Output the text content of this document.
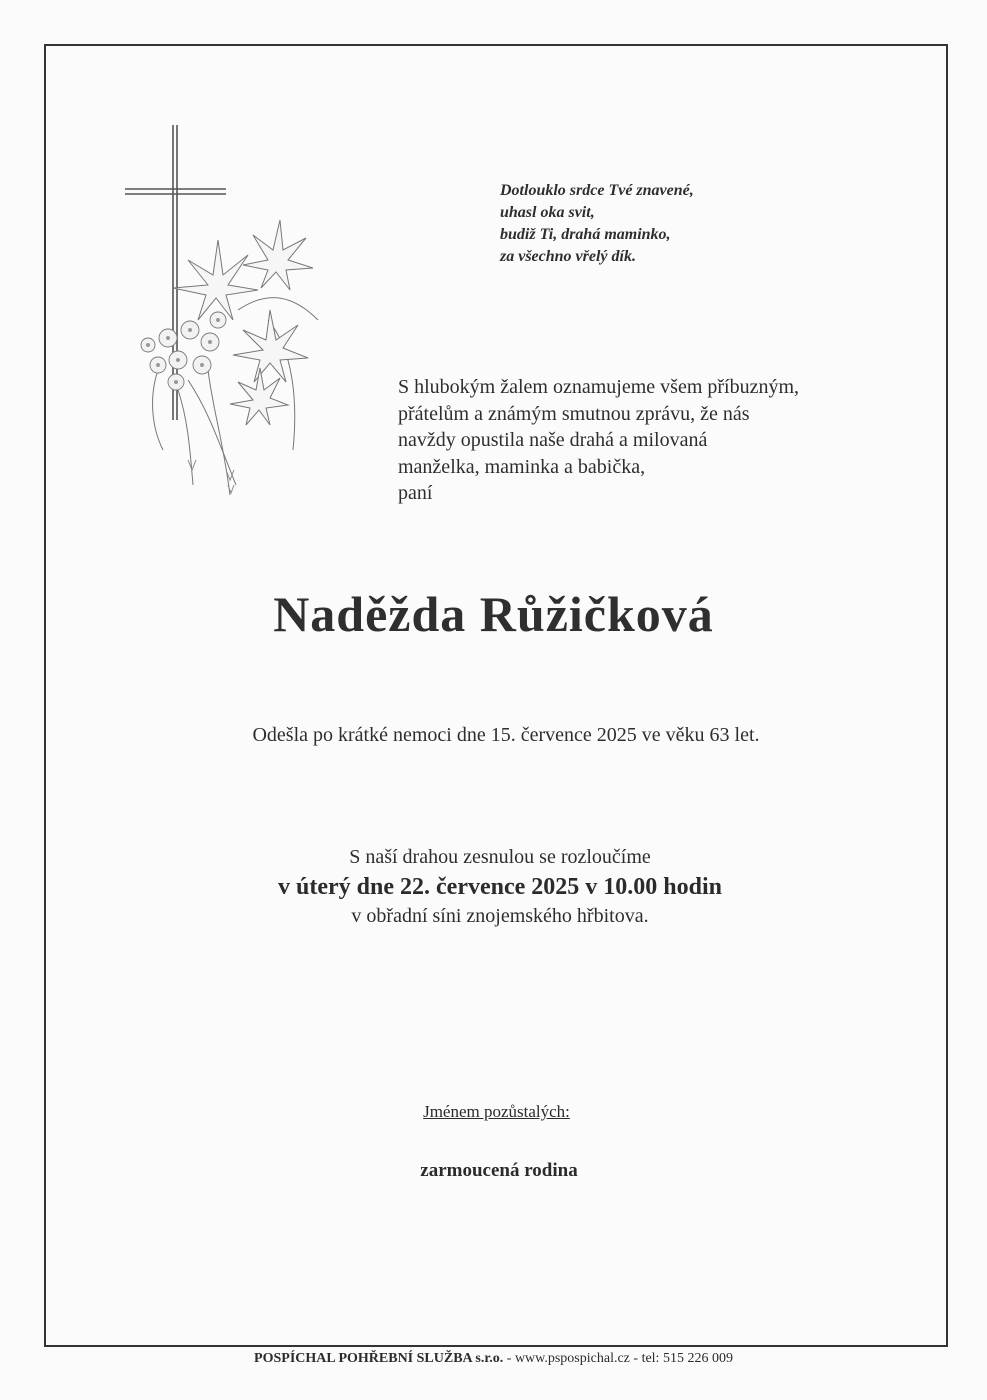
Dotlouklo srdce Tvé znavené,
uhasl oka svit,
budiž Ti, drahá maminko,
za všechno vřelý dík.
S hlubokým žalem oznamujeme všem příbuzným,
přátelům a známým smutnou zprávu, že nás
navždy opustila naše drahá a milovaná
manželka, maminka a babička,
paní
Naděžda Růžičková
Odešla po krátké nemoci dne 15. července 2025 ve věku 63 let.
S naší drahou zesnulou se rozloučíme
v úterý dne 22. července 2025 v 10.00 hodin
v obřadní síni znojemského hřbitova.
Jménem pozůstalých:
zarmoucená rodina
POSPÍCHAL POHŘEBNÍ SLUŽBA s.r.o. - www.pspospichal.cz - tel: 515 226 009
